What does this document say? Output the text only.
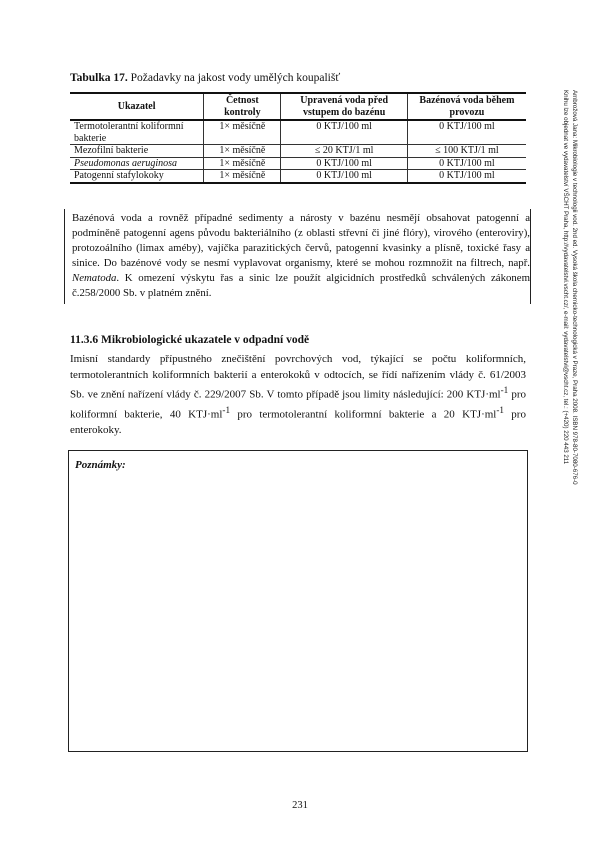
Tabulka 17. Požadavky na jakost vody umělých koupališť
Ukazatel	Četnost kontroly	Upravená voda před vstupem do bazénu	Bazénová voda během provozu
Termotolerantní koliformní bakterie	1× měsíčně	0 KTJ/100 ml	0 KTJ/100 ml
Mezofilní bakterie	1× měsíčně	≤ 20 KTJ/1 ml	≤ 100 KTJ/1 ml
Pseudomonas aeruginosa	1× měsíčně	0 KTJ/100 ml	0 KTJ/100 ml
Patogenní stafylokoky	1× měsíčně	0 KTJ/100 ml	0 KTJ/100 ml

Bazénová voda a rovněž případné sedimenty a nárosty v bazénu nesmějí obsahovat patogenní a podmíněně patogenní agens původu bakteriálního (z oblasti střevní či jiné flóry), virového (enteroviry), protozoálního (limax améby), vajíčka parazitických červů, patogenní kvasinky a plísně, toxické řasy a sinice. Do bazénové vody se nesmí vyplavovat organismy, které se mohou rozmnožit na filtrech, např. Nematoda. K omezení výskytu řas a sinic lze použít algicidních prostředků schválených zákonem č.258/2000 Sb. v platném znění.

11.3.6 Mikrobiologické ukazatele v odpadní vodě

Imisní standardy přípustného znečištění povrchových vod, týkající se počtu koliformních, termotolerantních koliformních bakterií a enterokoků v odtocích, se řídí nařízením vlády č. 61/2003 Sb. ve znění nařízení vlády č. 229/2007 Sb. V tomto případě jsou limity následující: 200 $KTJ\cdot ml^{-1}$ pro koliformní bakterie, 40 $KTJ\cdot ml^{-1}$ pro termotolerantní koliformní bakterie a 20 $KTJ\cdot ml^{-1}$ pro enterokoky.

Poznámky:
231
Ambrožová Jana: Mikrobiologie v technologii vod. 2nd ed. Vysoká škola chemicko-technologická v Praze, Praha 2008. ISBN 978-80-7080-676-0
Knihu lze objednat ve vydavatelství VŠCHT Praha, http://vydavatelstvi.vscht.cz/, e-mail: vydavatelstvi@vscht.cz, tel.: (+420) 220 443 211
